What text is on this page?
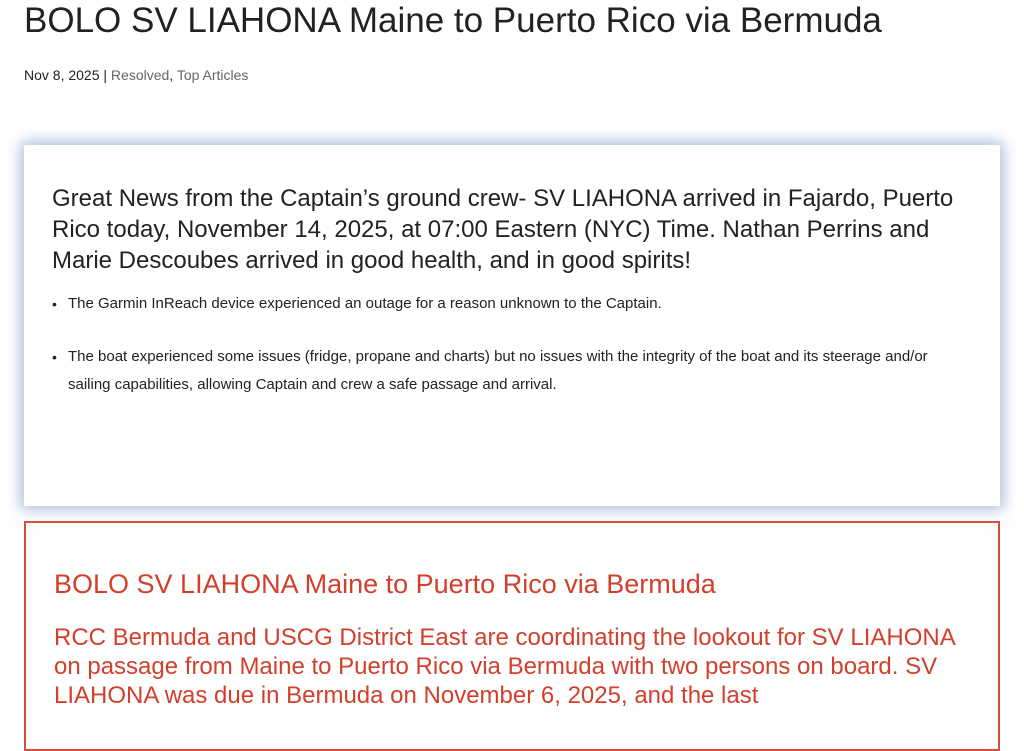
BOLO SV LIAHONA Maine to Puerto Rico via Bermuda
Nov 8, 2025 | Resolved, Top Articles

Great News from the Captain’s ground crew- SV LIAHONA arrived in Fajardo, Puerto Rico today, November 14, 2025, at 07:00 Eastern (NYC) Time. Nathan Perrins and Marie Descoubes arrived in good health, and in good spirits!

• The Garmin InReach device experienced an outage for a reason unknown to the Captain.
• The boat experienced some issues (fridge, propane and charts) but no issues with the integrity of the boat and its steerage and/or sailing capabilities, allowing Captain and crew a safe passage and arrival.
BOLO SV LIAHONA Maine to Puerto Rico via Bermuda

RCC Bermuda and USCG District East are coordinating the lookout for SV LIAHONA on passage from Maine to Puerto Rico via Bermuda with two persons on board. SV LIAHONA was due in Bermuda on November 6, 2025, and the last
